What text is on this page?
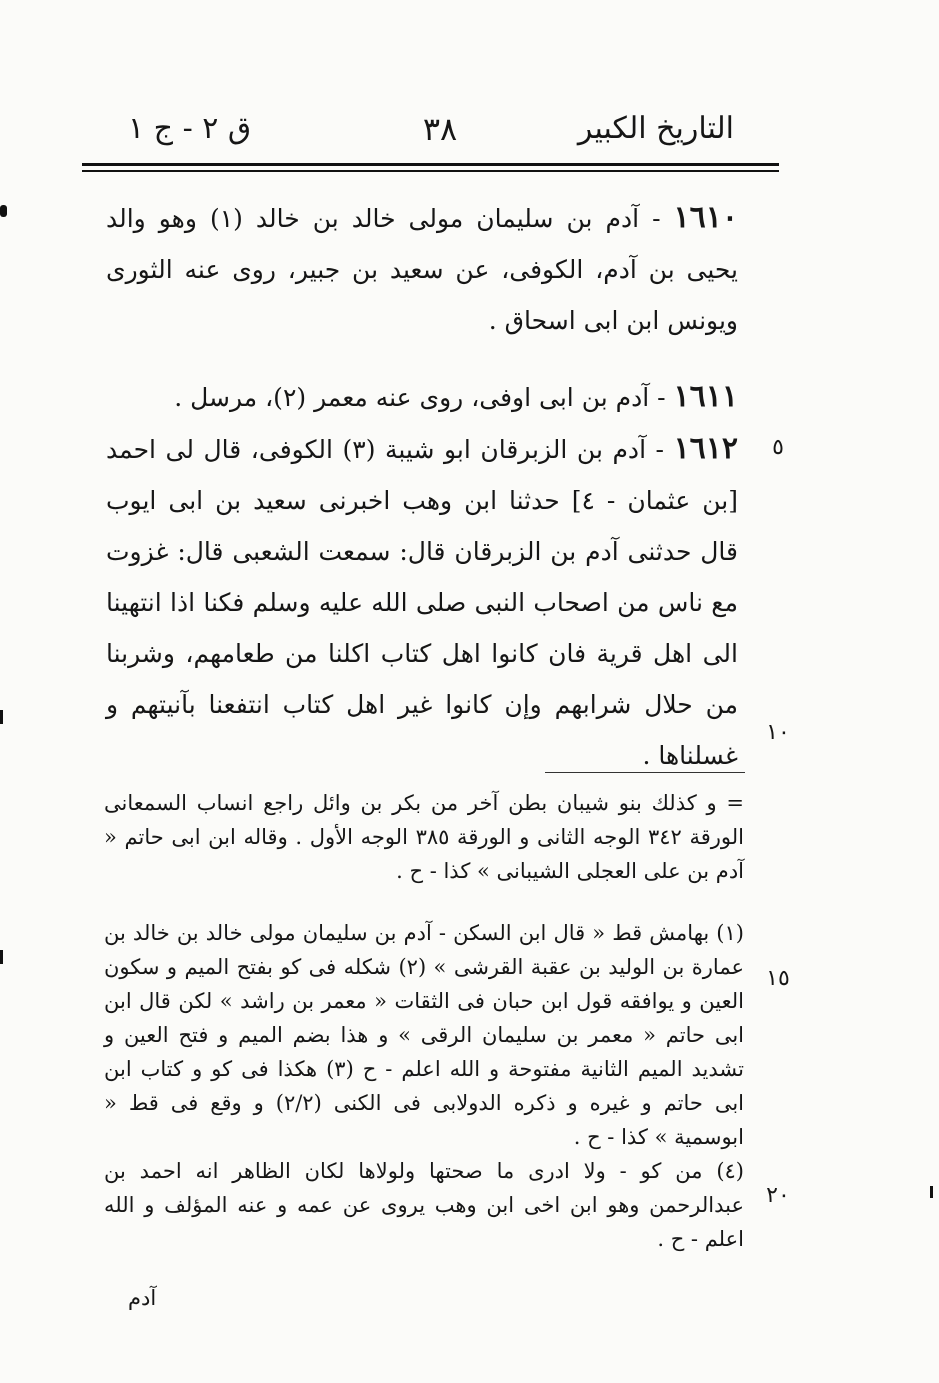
التاريخ الكبير
٣٨
ق ٢ - ج ١

١٦١٠ - آدم بن سليمان مولى خالد بن خالد (١) وهو والد يحيى بن آدم، الكوفى، عن سعيد بن جبير، روى عنه الثورى ويونس ابن ابى اسحاق .

١٦١١ - آدم بن ابى اوفى، روى عنه معمر (٢)، مرسل .

١٦١٢ - آدم بن الزبرقان ابو شيبة (٣) الكوفى، قال لى احمد [بن عثمان - ٤] حدثنا ابن وهب اخبرنى سعيد بن ابى ايوب قال حدثنى آدم بن الزبرقان قال: سمعت الشعبى قال: غزوت مع ناس من اصحاب النبى صلى الله عليه وسلم فكنا اذا انتهينا الى اهل قرية فان كانوا اهل كتاب اكلنا من طعامهم، وشربنا من حلال شرابهم وإن كانوا غير اهل كتاب انتفعنا بآنيتهم و غسلناها .

٥
١٠
١٥
٢٠

= و كذلك بنو شيبان بطن آخر من بكر بن وائل راجع انساب السمعانى الورقة ٣٤٢ الوجه الثانى و الورقة ٣٨٥ الوجه الأول . وقاله ابن ابى حاتم « آدم بن على العجلى الشيبانى » كذا - ح .

(١) بهامش قط « قال ابن السكن - آدم بن سليمان مولى خالد بن خالد بن عمارة بن الوليد بن عقبة القرشى » (٢) شكله فى كو بفتح الميم و سكون العين و يوافقه قول ابن حبان فى الثقات « معمر بن راشد » لكن قال ابن ابى حاتم « معمر بن سليمان الرقى » و هذا بضم الميم و فتح العين و تشديد الميم الثانية مفتوحة و الله اعلم - ح (٣) هكذا فى كو و كتاب ابن ابى حاتم و غيره و ذكره الدولابى فى الكنى (٢/٢) و وقع فى قط « ابوسمية » كذا - ح .

(٤) من كو - ولا ادرى ما صحتها ولولاها لكان الظاهر انه احمد بن عبدالرحمن وهو ابن اخى ابن وهب يروى عن عمه و عنه المؤلف و الله اعلم - ح .

آدم
